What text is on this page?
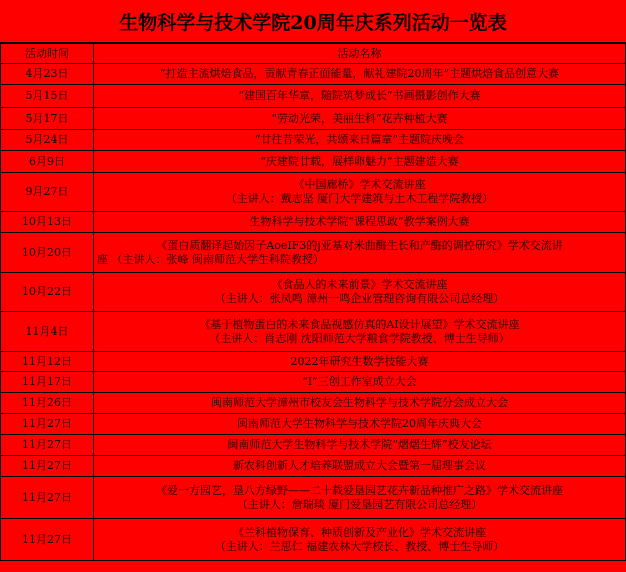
生物科学与技术学院20周年庆系列活动一览表
活动时间	活动名称
4月23日	“打造主流烘焙食品，贡献青春正面能量，献礼建院20周年”主题烘焙食品创意大赛

5月15日	“建国百年华章，随院筑梦成长”书画摄影创作大赛

5月17日	“劳动光荣，美丽生科”花卉种植大赛

5月24日	“廿往昔荣光，共颂来日篇章”主题院庆晚会

6月9日	“庆建院廿载，展样卵魅力”主题建造大赛

9月27日	《中国廊桥》学术交流讲座
（主讲人：戴志坚 厦门大学建筑与土木工程学院教授）

10月13日	生物科学与技术学院“课程思政”教学案例大赛

10月20日	《蛋白质翻译起始因子AoeIF3的j亚基对米曲酶生长和产酶的调控研究》学术交流讲
座 （主讲人：张峰 闽南师范大学生科院教授）

10月22日	《食品人的未来前景》学术交流讲座
（主讲人：张凤鸣 漳州一鸣企业管理咨询有限公司总经理）

11月4日	《基于植物蛋白的未来食品视感仿真的AI设计展望》学术交流讲座
（主讲人：肖志刚 沈阳师范大学粮食学院教授、博士生导师）

11月12日	2022年研究生数学技能大赛

11月17日	“I”三创工作室成立大会

11月26日	闽南师范大学漳州市校友会生物科学与技术学院分会成立大会

11月27日	闽南师范大学生物科学与技术学院20周年庆典大会

11月27日	闽南师范大学生物科学与技术学院“熠熠生辉”校友论坛

11月27日	新农科创新人才培养联盟成立大会暨第一届理事会议

11月27日	《爱一方园艺，垦八方绿野——二十载爱垦园艺花卉新品种推广之路》学术交流讲座
（主讲人：詹瑞琰 厦门爱垦园艺有限公司总经理）

11月27日	《兰科植物保育、种质创新及产业化》学术交流讲座
（主讲人：兰思仁 福建农林大学校长、教授、博士生导师）
